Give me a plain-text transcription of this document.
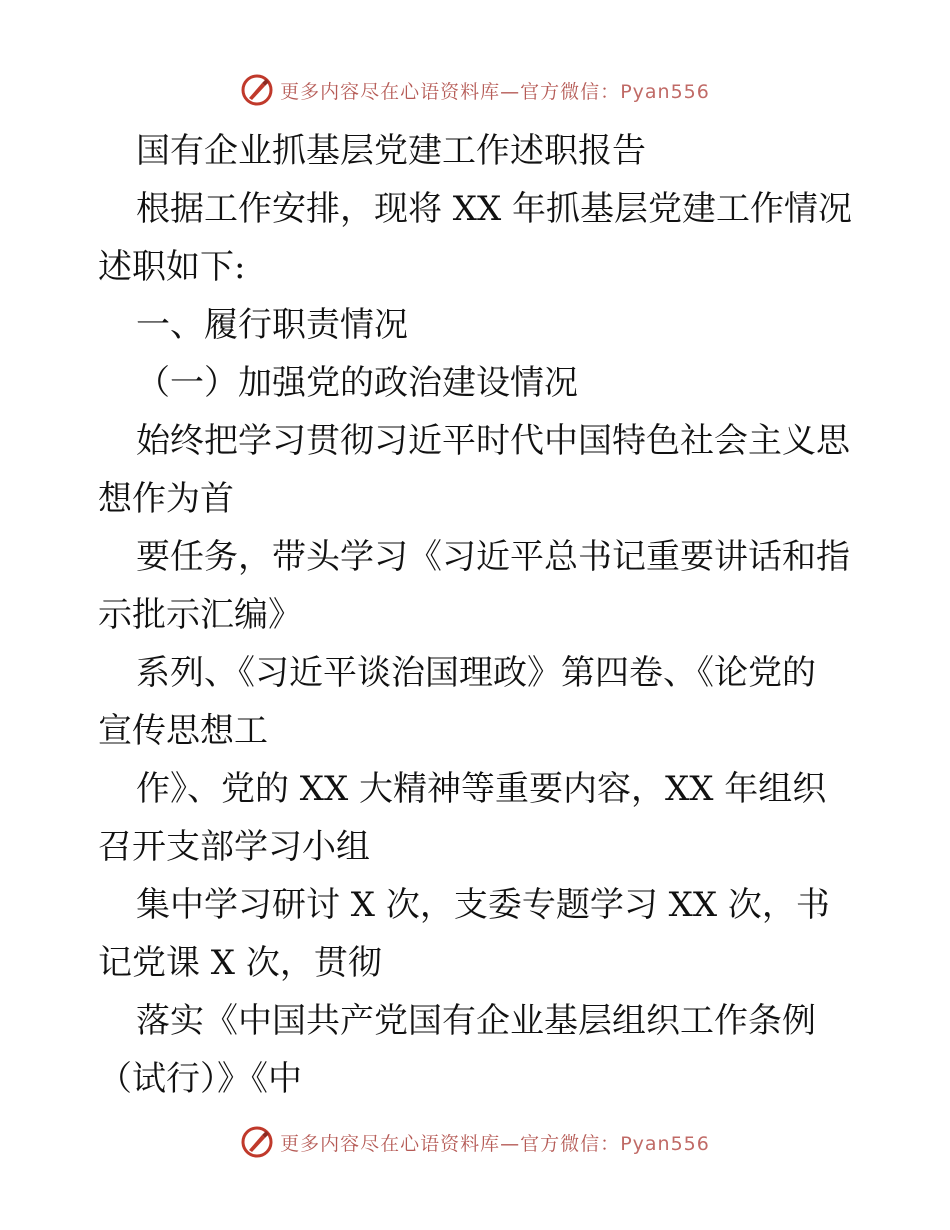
更多内容尽在心语资料库—官方微信：Pyan556
国有企业抓基层党建工作述职报告
根据工作安排，现将 XX 年抓基层党建工作情况
述职如下:
一、履行职责情况
（一）加强党的政治建设情况
始终把学习贯彻习近平时代中国特色社会主义思
想作为首
要任务，带头学习《习近平总书记重要讲话和指
示批示汇编》
系列、《习近平谈治国理政》第四卷、《论党的
宣传思想工
作》、党的 XX 大精神等重要内容，XX 年组织
召开支部学习小组
集中学习研讨 X 次，支委专题学习 XX 次，书
记党课 X 次，贯彻
落实《中国共产党国有企业基层组织工作条例
（试行）》《中
更多内容尽在心语资料库—官方微信：Pyan556
